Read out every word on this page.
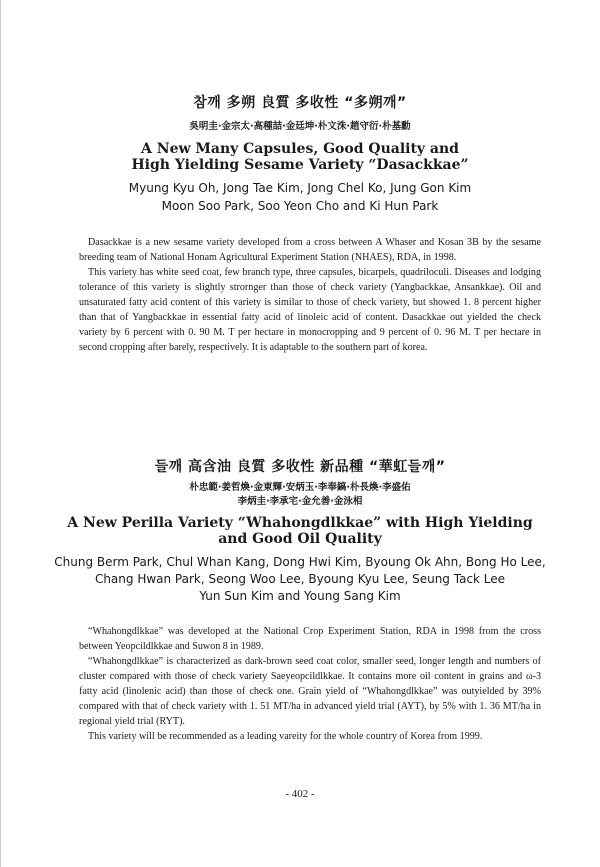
참깨 多朔 良質 多收性 “多朔깨”
吳明圭·金宗太·高種喆·金廷坤·朴文洙·趙守衍·朴基勳
A New Many Capsules, Good Quality and
High Yielding Sesame Variety “Dasackkae”
Myung Kyu Oh, Jong Tae Kim, Jong Chel Ko, Jung Gon Kim
Moon Soo Park, Soo Yeon Cho and Ki Hun Park

Dasackkae is a new sesame variety developed from a cross between A Whaser and Kosan 3B by the sesame breeding team of National Honam Agricultural Experiment Station (NHAES), RDA, in 1998.

This variety has white seed coat, few branch type, three capsules, bicarpels, quadriloculi. Diseases and lodging tolerance of this variety is slightly strornger than those of check variety (Yangbackkae, Ansankkae). Oil and unsaturated fatty acid content of this variety is similar to those of check variety, but showed 1. 8 percent higher than that of Yangbackkae in essential fatty acid of linoleic acid of content. Dasackkae out yielded the check variety by 6 percent with 0. 90 M. T per hectare in monocropping and 9 percent of 0. 96 M. T per hectare in second cropping after barely, respectively. It is adaptable to the southern part of korea.

들깨 高含油 良質 多收性 新品種 “華虹들깨”
朴忠範·姜哲煥·金東輝·安炳玉·李奉鎬·朴長煥·李盛佑
李炳圭·李承宅·金允善·金泳相
A New Perilla Variety “Whahongdlkkae” with High Yielding
and Good Oil Quality
Chung Berm Park, Chul Whan Kang, Dong Hwi Kim, Byoung Ok Ahn, Bong Ho Lee,
Chang Hwan Park, Seong Woo Lee, Byoung Kyu Lee, Seung Tack Lee
Yun Sun Kim and Young Sang Kim

“Whahongdlkkae” was developed at the National Crop Experiment Station, RDA in 1998 from the cross between Yeopcildlkkae and Suwon 8 in 1989.

“Whahongdlkkae” is characterized as dark-brown seed coat color, smaller seed, longer length and numbers of cluster compared with those of check variety Saeyeopcildlkkae. It contains more oil content in grains and ω-3 fatty acid (linolenic acid) than those of check one. Grain yield of “Whahongdlkkae” was outyielded by 39% compared with that of check variety with 1. 51 MT/ha in advanced yield trial (AYT), by 5% with 1. 36 MT/ha in regional yield trial (RYT).

This variety will be recommended as a leading vareity for the whole country of Korea from 1999.

- 402 -
